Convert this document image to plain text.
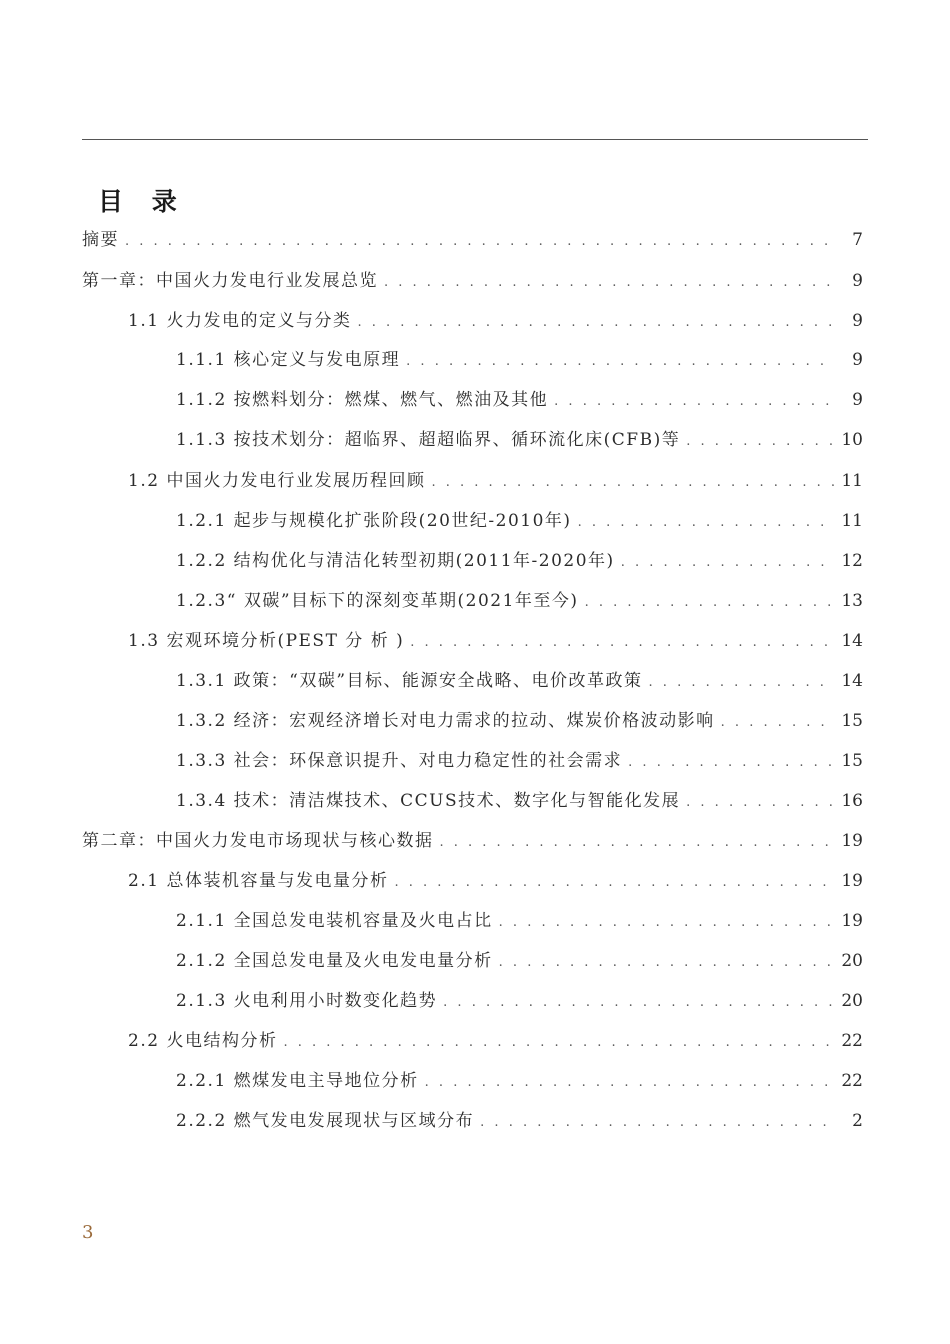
目 录
摘要 . . .	7
第一章：中国火力发电行业发展总览 . . .	9
1.1 火力发电的定义与分类 . . .	9
1.1.1 核心定义与发电原理 . . .	9
1.1.2 按燃料划分：燃煤、燃气、燃油及其他 . . .	9
1.1.3 按技术划分：超临界、超超临界、循环流化床(CFB)等 . . .	10
1.2 中国火力发电行业发展历程回顾 . . .	11
1.2.1 起步与规模化扩张阶段(20世纪-2010年) . . .	11
1.2.2 结构优化与清洁化转型初期(2011年-2020年) . . .	12
1.2.3“ 双碳”目标下的深刻变革期(2021年至今) . . .	13
1.3 宏观环境分析(PEST 分 析 ) . . .	14
1.3.1 政策：“双碳”目标、能源安全战略、电价改革政策 . . .	14
1.3.2 经济：宏观经济增长对电力需求的拉动、煤炭价格波动影响 . . .	15
1.3.3 社会：环保意识提升、对电力稳定性的社会需求 . . .	15
1.3.4 技术：清洁煤技术、CCUS技术、数字化与智能化发展 . . .	16
第二章：中国火力发电市场现状与核心数据 . . .	19
2.1 总体装机容量与发电量分析 . . .	19
2.1.1 全国总发电装机容量及火电占比 . . .	19
2.1.2 全国总发电量及火电发电量分析 . . .	20
2.1.3 火电利用小时数变化趋势 . . .	20
2.2 火电结构分析 . . .	22
2.2.1 燃煤发电主导地位分析 . . .	22
2.2.2 燃气发电发展现状与区域分布 . . .	2
3
